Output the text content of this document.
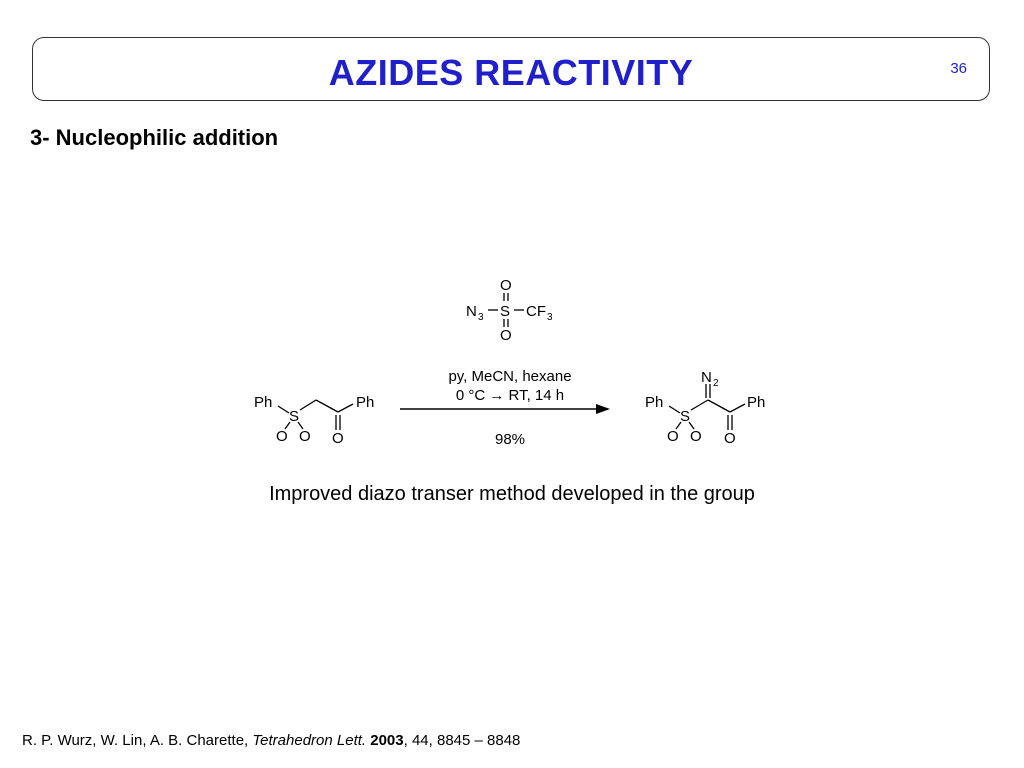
AZIDES REACTIVITY	36
3- Nucleophilic addition
O
O
N 3 S CF 3
py, MeCN, hexane
0 °C → RT, 14 h
98%
Ph
S
O O
Ph
O
Ph
S
O O
N 2
Ph
O
Improved diazo transer method developed in the group
R. P. Wurz, W. Lin, A. B. Charette, Tetrahedron Lett. 2003, 44, 8845 – 8848
